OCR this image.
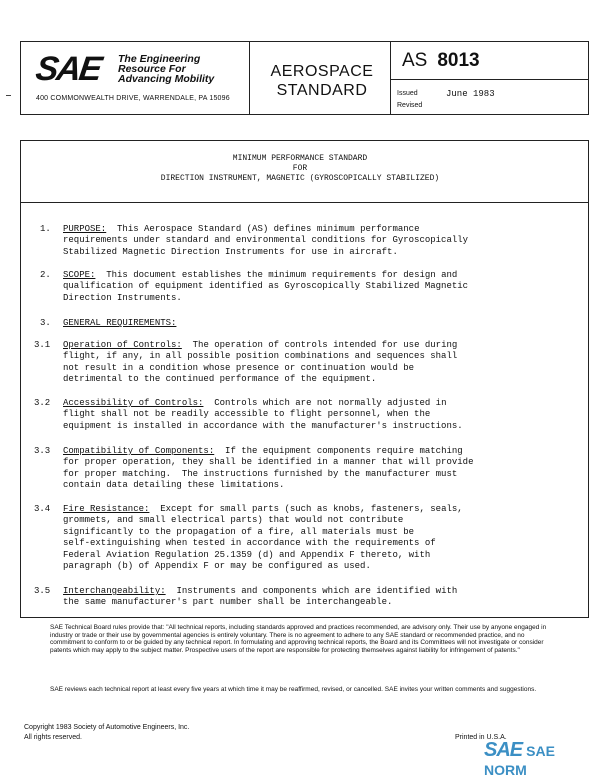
SAE The Engineering
Resource For
Advancing Mobility
400 COMMONWEALTH DRIVE, WARRENDALE, PA 15096
AEROSPACE
STANDARD
AS 8013
Issued	June 1983
Revised
MINIMUM PERFORMANCE STANDARD
FOR
DIRECTION INSTRUMENT, MAGNETIC (GYROSCOPICALLY STABILIZED)
1. PURPOSE: This Aerospace Standard (AS) defines minimum performance
requirements under standard and environmental conditions for Gyroscopically
Stabilized Magnetic Direction Instruments for use in aircraft.
2. SCOPE: This document establishes the minimum requirements for design and
qualification of equipment identified as Gyroscopically Stabilized Magnetic
Direction Instruments.
3. GENERAL REQUIREMENTS:
3.1 Operation of Controls: The operation of controls intended for use during
flight, if any, in all possible position combinations and sequences shall
not result in a condition whose presence or continuation would be
detrimental to the continued performance of the equipment.
3.2 Accessibility of Controls: Controls which are not normally adjusted in
flight shall not be readily accessible to flight personnel, when the
equipment is installed in accordance with the manufacturer's instructions.
3.3 Compatibility of Components: If the equipment components require matching
for proper operation, they shall be identified in a manner that will provide
for proper matching.  The instructions furnished by the manufacturer must
contain data detailing these limitations.
3.4 Fire Resistance: Except for small parts (such as knobs, fasteners, seals,
grommets, and small electrical parts) that would not contribute
significantly to the propagation of a fire, all materials must be
self-extinguishing when tested in accordance with the requirements of
Federal Aviation Regulation 25.1359 (d) and Appendix F thereto, with
paragraph (b) of Appendix F or may be configured as used.
3.5 Interchangeability: Instruments and components which are identified with
the same manufacturer's part number shall be interchangeable.
SAE Technical Board rules provide that: "All technical reports, including standards approved and practices recommended, are advisory only. Their use by anyone engaged in industry or trade or their use by governmental agencies is entirely voluntary. There is no agreement to adhere to any SAE standard or recommended practice, and no commitment to conform to or be guided by any technical report. In formulating and approving technical reports, the Board and its Committees will not investigate or consider patents which may apply to the subject matter. Prospective users of the report are responsible for protecting themselves against liability for infringement of patents."
SAE reviews each technical report at least every five years at which time it may be reaffirmed, revised, or cancelled. SAE invites your written comments and suggestions.
Copyright 1983 Society of Automotive Engineers, Inc.
All rights reserved.	Printed in U.S.A.
SAE SAE NORM
